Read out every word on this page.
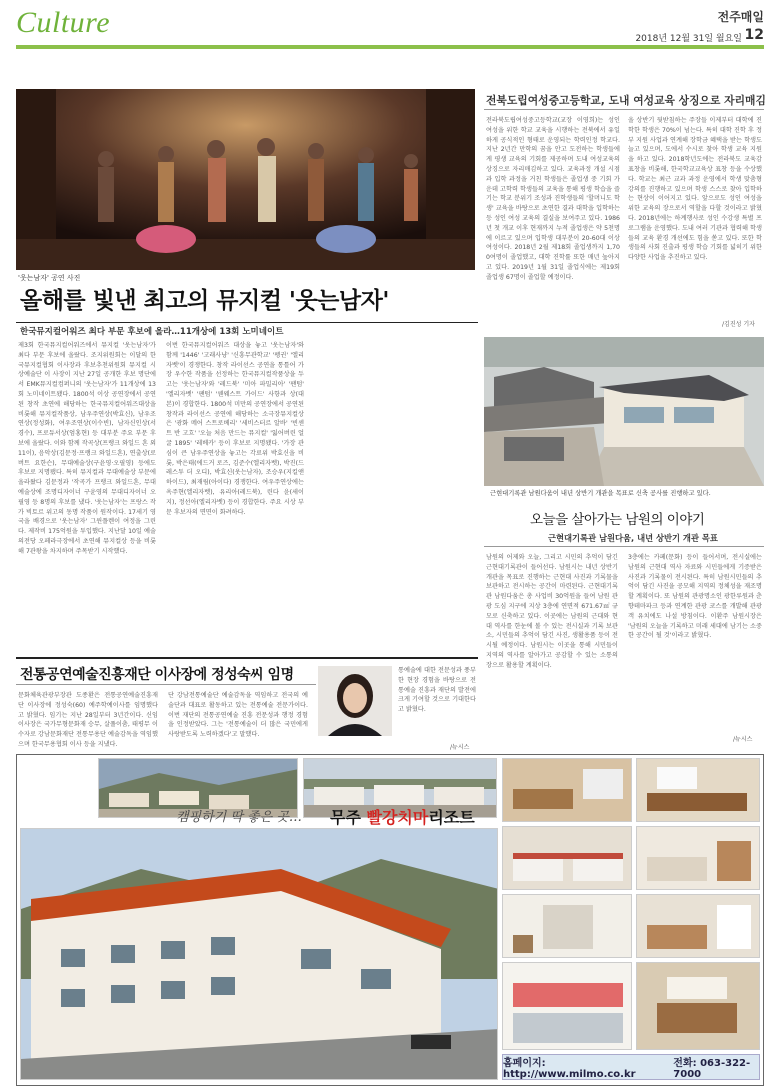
Culture	전주매일
2018년 12월 31일 월요일 12
'웃는남자' 공연 사진
올해를 빛낸 최고의 뮤지컬 '웃는남자'
한국뮤지컬어워즈 최다 부문 후보에 올라…11개상에 13회 노미네이트
제3회 한국뮤지컬어워즈에서 뮤지컬 '웃는남자'가 최다 부문 후보에 올랐다. 조지위원회는 이달의 한국뮤지컬협회 이사장과 후보추천위원회 뮤지컬 시상예술단 이 사장이 지난 27일 공개한 후보 명단에서 EMK뮤지컬컴퍼니의 '웃는남자'가 11개상에 13회 노미네이트됐다. 1800석 이상 공연장에서 공연된 창작 초연에 해당하는 한국뮤지컬어워즈대상을 비롯해 뮤지컬작품상, 남우주연상(박효신), 남우조연상(정성화), 여우조연상(이수빈), 남자신인상(서경수), 프로듀서상(엄홍현) 등 대부분 주요 부문 후보에 올랐다. 이와 함께 작곡상(프랭크 와일드 혼 외 11이), 음악상(김문정·프랭크 와일드혼), 연출상(로버트 요한슨), 무대예술상(구윤영·오필영) 등에도 후보로 지명됐다. 특히 뮤지컬과 무대예술상 부문에 올라왔다 김문정과 '작곡가 프랭크 와일드혼, 무대예술상에 조명디자이너 구윤영의 무대디자이너 오필영 등 8명의 후보를 냈다. '웃는남자'는 프랑스 작가 빅토르 위고의 동명 작품이 원작이다. 17세기 영국을 배경으로 '웃는남자' 그윈플렌이 여정을 그린다. 제작비 175억원을 투입했다. 지난달 10일 예술의전당 오페라극장에서 초연해 뮤지컬상 등을 비롯해 7관왕을 차지하며 주목받기 시작했다.
이번 한국뮤지컬어워즈 대상을 놓고 '웃는남자'와 함께 '1446' '고래사냥' '신흥무관학교' '펭귄' '엘리자벳'이 경쟁한다. 창작 라이선스 공연을 통틀어 가장 우수한 작품을 선정하는 한국뮤지컬작품상을 두고는 '웃는남자'와 '레드북' '미아 파밀리아' '팬텀' '엘리자벳' '팬텀' '웬웨스트 가이드' 사항과 상(대본)이 경합한다. 1800석 미만의 공연장에서 공연된 창작과 라이선스 공연에 해당하는 소극장뮤지컬상은 '광화 메어 스트로베리' '세비스터르 알바' '빈센트 반 고흐' '오늘 처음 만드는 뮤지컬' '잃어버린 얼굴 1895' '레베카' 등이 후보로 지명됐다. '가장 관심이 큰 남우주연상을 놓고는 각료위 박효신을 비롯, 박은태(에드거 로즈, 김준수(엘리자벳), 박진(드레스투 더 오디), 박효신(웃는남자), 조승우(지킬앤하이드), 최재림(아이다) 경쟁한다. 여우주연상에는 옥주현(엘리자벳), 유리아(레드북), 린다 윤(세이지), 정선아(엘리자벳) 등이 경합한다. 주요 시상 부문 후보자의 면면이 화려하다.
전북도립여성중고등학교, 도내 여성교육 상징으로 자리매김
전라북도립여성중고등학교(교장 이영희)는 성인 여성을 위한 학교 교육을 시행하는 전북에서 유일하게 공식적인 형태로 운영되는 학력인정 학교다. 지난 2년간 만학의 꿈을 안고 도전하는 학생들에게 평생 교육의 기회를 제공하며 도내 여성교육의 상징으로 자리매김하고 있다. 교육과정 개설 시점과 입학 과정을 거친 학생들은 졸업생 중 기회 가운데 고학력 학생들의 교육을 통해 평생 학습을 즐기는 학교 분위기 조성과 진학생들의 '할머니도 학생' 교육을 바탕으로 초연한 결과 대학을 입학하는 등 성인 여성 교육의 결실을 보여주고 있다. 1986년 첫 개교 이후 현재까지 누적 졸업생은 약 5천명에 이르고 있으며 입학생 대부분이 20-60대 이상 여성이다. 2018년 2월 제18회 졸업생까지 1,700여명이 졸업했고, 대학 진학률 또한 매년 높아지고 있다. 2019년 1월 31일 졸업식에는 제19회 졸업생 67명이 졸업할 예정이다.
올 상반기 뒷받침하는 주장들 이제부터 대학에 진학한 학생은 70%이 넘는다. 특히 대학 진학 후 정부 지원 사업과 연계해 장학금 혜택을 받는 학생도 늘고 있으며, 도에서 수시로 찾아 학생 교육 지원을 하고 있다. 2018학년도에는 전라북도 교육감 표창을 비롯해, 한국학교교육상 표창 등을 수상했다. 학교는 최근 교과 과정 운영에서 학생 맞춤형 강의를 진행하고 있으며 학생 스스로 찾아 입학하는 현상이 이어지고 있다. 앞으로도 성인 여성을 위한 교육의 장으로서 역할을 다할 것이라고 밝혔다. 2018년에는 하계행사로 성인 수강생 특별 프로그램을 운영했다. 도내 여러 기관과 협력해 학생들의 교육 환경 개선에도 힘을 쏟고 있다. 또한 학생들의 사회 진출과 평생 학습 기회를 넓히기 위한 다양한 사업을 추진하고 있다.
/김진성 기자
근현대기록관 남원다움이 내년 상반기 개관을 목표로 신축 공사를 진행하고 있다.
오늘을 살아가는 남원의 이야기
근현대기록관 남원다움, 내년 상반기 개관 목표
남원의 어제와 오늘, 그리고 시민의 추억이 담긴 근현대기록관이 들어선다. 남원시는 내년 상반기 개관을 목표로 진행하는 근현대 사진과 기록물을 보관하고 전시하는 공간이 마련된다. 근현대기록관 남원다움은 총 사업비 30억원을 들여 남원 관광 도심 지구에 지상 3층에 연면적 671.67㎡ 규모로 신축하고 있다. 이곳에는 남원의 근대와 현대 역사를 한눈에 볼 수 있는 전시실과 기록 보관소, 시민들의 추억이 담긴 사진, 생활용품 등이 전시될 예정이다. 남원시는 이곳을 통해 시민들이 지역의 역사를 알아가고 공감할 수 있는 소통의 장으로 활용할 계획이다.
3층에는 카페(문화) 등이 들어서며, 전시실에는 남원의 근현대 역사 자료와 시민들에게 기증받은 사진과 기록물이 전시된다. 특히 남원시민들의 추억이 담긴 사진을 공모해 지역의 정체성을 재조명할 계획이다. 또 남원의 관광명소인 광한루원과 춘향테마파크 등과 연계한 관광 코스를 개발해 관광객 유치에도 나설 방침이다. 이환주 남원시장은 '남원의 오늘을 기록하고 미래 세대에 남기는 소중한 공간이 될 것'이라고 밝혔다.
/뉴시스
전통공연예술진흥재단 이사장에 정성숙씨 임명
문화체육관광부장관 도종환은 전통공연예술진흥재단 이사장에 정성숙(60) 예주학예이사를 임명했다고 밝혔다. 임기는 지난 28일부터 3년간이다. 신임 이사장은 국가무형문화재 승무, 살풀이춤, 태평무 이수자로 강남문화재단 전통무용단 예술감독을 역임했으며 한국무용협회 이사 등을 지냈다.
단 강남전통예술단 예술감독을 역임하고 전국의 예술단과 대표로 활동하고 있는 전통예술 전문가이다. 이번 재단의 전통공연예술 진흥 전문성과 행정 경험을 인정받았다. 그는 '전통예술이 더 많은 국민에게 사랑받도록 노력하겠다'고 말했다.
통예술에 대한 전문성과 풍부한 현장 경험을 바탕으로 전통예술 진흥과 재단의 발전에 크게 기여할 것으로 기대한다고 밝혔다.
/뉴시스
캠핑하기 딱 좋은 곳… 무주 빨강치마리조트
홈페이지: http://www.milmo.co.kr
전화: 063-322-7000
